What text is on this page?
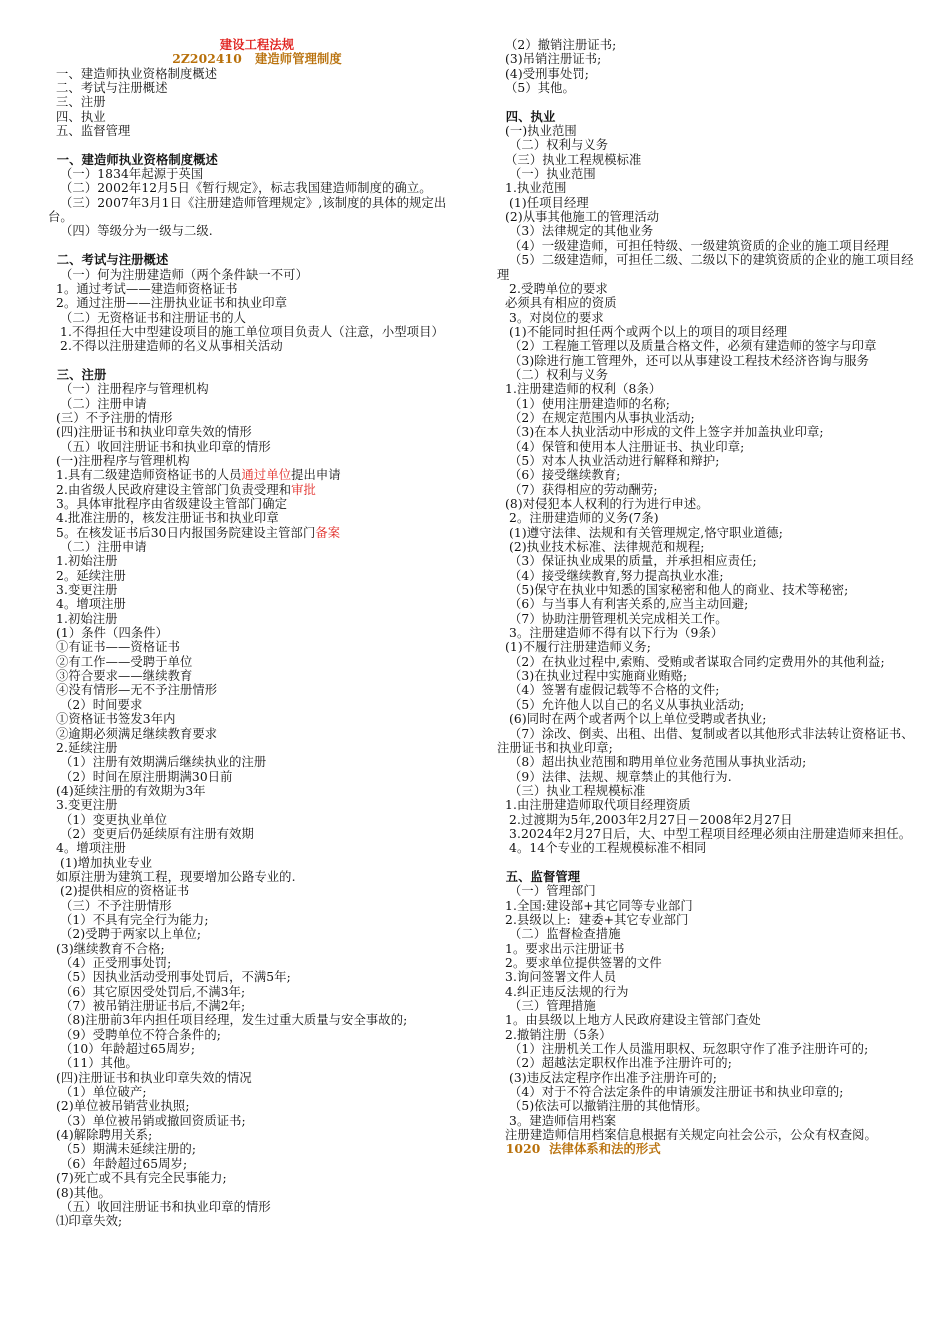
建设工程法规

2Z202410   建造师管理制度

一、建造师执业资格制度概述

二、考试与注册概述

三、注册

四、执业

五、监督管理

一、建造师执业资格制度概述

（一）1834年起源于英国

（二）2002年12月5日《暂行规定》，标志我国建造师制度的确立。

（三）2007年3月1日《注册建造师管理规定》,该制度的具体的规定出台。

（四）等级分为一级与二级.

二、考试与注册概述

（一）何为注册建造师（两个条件缺一不可）

1。通过考试——建造师资格证书

2。通过注册——注册执业证书和执业印章

（二）无资格证书和注册证书的人

1.不得担任大中型建设项目的施工单位项目负责人（注意，小型项目）

2.不得以注册建造师的名义从事相关活动

三、注册

（一）注册程序与管理机构

（二）注册申请

(三）不予注册的情形

(四)注册证书和执业印章失效的情形

（五）收回注册证书和执业印章的情形

(一)注册程序与管理机构

1.具有二级建造师资格证书的人员通过单位提出申请

2.由省级人民政府建设主管部门负责受理和审批

3。具体审批程序由省级建设主管部门确定

4.批准注册的，核发注册证书和执业印章

5。在核发证书后30日内报国务院建设主管部门备案

（二）注册申请

1.初始注册

2。延续注册

3.变更注册

4。增项注册

1.初始注册

(1）条件（四条件）

①有证书——资格证书

②有工作——受聘于单位

③符合要求——继续教育

④没有情形—无不予注册情形

（2）时间要求

①资格证书签发3年内

②逾期必须满足继续教育要求

2.延续注册

（1）注册有效期满后继续执业的注册

（2）时间在原注册期满30日前

(4)延续注册的有效期为3年

3.变更注册

（1）变更执业单位

（2）变更后仍延续原有注册有效期

4。增项注册

(1)增加执业专业

如原注册为建筑工程，现要增加公路专业的.

(2)提供相应的资格证书

（三）不予注册情形

（1）不具有完全行为能力;

（2)受聘于两家以上单位;

(3)继续教育不合格;

（4）正受刑事处罚;

（5）因执业活动受刑事处罚后，不满5年;

（6）其它原因受处罚后,不满3年;

（7）被吊销注册证书后,不满2年;

（8)注册前3年内担任项目经理，发生过重大质量与安全事故的;

（9）受聘单位不符合条件的;

（10）年龄超过65周岁;

（11）其他。

(四)注册证书和执业印章失效的情况

（1）单位破产;

(2)单位被吊销营业执照;

（3）单位被吊销或撤回资质证书;

(4)解除聘用关系;

（5）期满未延续注册的;

（6）年龄超过65周岁;

(7)死亡或不具有完全民事能力;

(8)其他。

（五）收回注册证书和执业印章的情形

⑴印章失效;

（2）撤销注册证书;

(3)吊销注册证书;

(4)受刑事处罚;

（5）其他。

四、执业

(一)执业范围

（二）权利与义务

（三）执业工程规模标准

（一）执业范围

1.执业范围

(1)任项目经理

(2)从事其他施工的管理活动

（3）法律规定的其他业务

（4）一级建造师，可担任特级、一级建筑资质的企业的施工项目经理

（5）二级建造师，可担任二级、二级以下的建筑资质的企业的施工项目经理

2.受聘单位的要求

必须具有相应的资质

3。对岗位的要求

(1)不能同时担任两个或两个以上的项目的项目经理

（2）工程施工管理以及质量合格文件，必须有建造师的签字与印章

（3)除进行施工管理外，还可以从事建设工程技术经济咨询与服务

（二）权利与义务

1.注册建造师的权利（8条）

（1）使用注册建造师的名称;

（2）在规定范围内从事执业活动;

（3)在本人执业活动中形成的文件上签字并加盖执业印章;

（4）保管和使用本人注册证书、执业印章;

（5）对本人执业活动进行解释和辩护;

（6）接受继续教育;

（7）获得相应的劳动酬劳;

(8)对侵犯本人权利的行为进行申述。

2。注册建造师的义务(7条)

(1)遵守法律、法规和有关管理规定,恪守职业道德;

(2)执业技术标准、法律规范和规程;

（3）保证执业成果的质量，并承担相应责任;

（4）接受继续教育,努力提高执业水准;

（5)保守在执业中知悉的国家秘密和他人的商业、技术等秘密;

（6）与当事人有利害关系的,应当主动回避;

（7）协助注册管理机关完成相关工作。

3。注册建造师不得有以下行为（9条）

(1)不履行注册建造师义务;

（2）在执业过程中,索贿、受贿或者谋取合同约定费用外的其他利益;

（3)在执业过程中实施商业贿赂;

（4）签署有虚假记载等不合格的文件;

（5）允许他人以自己的名义从事执业活动;

(6)同时在两个或者两个以上单位受聘或者执业;

（7）涂改、倒卖、出租、出借、复制或者以其他形式非法转让资格证书、注册证书和执业印章;

（8）超出执业范围和聘用单位业务范围从事执业活动;

（9）法律、法规、规章禁止的其他行为.

（三）执业工程规模标准

1.由注册建造师取代项目经理资质

2.过渡期为5年,2003年2月27日－2008年2月27日

3.2024年2月27日后，大、中型工程项目经理必须由注册建造师来担任。

4。14个专业的工程规模标准不相同

五、监督管理

（一）管理部门

1.全国:建设部+其它同等专业部门

2.县级以上:  建委+其它专业部门

（二）监督检查措施

1。要求出示注册证书

2。要求单位提供签署的文件

3.询问签署文件人员

4.纠正违反法规的行为

（三）管理措施

1。由县级以上地方人民政府建设主管部门查处

2.撤销注册（5条）

（1）注册机关工作人员滥用职权、玩忽职守作了准予注册许可的;

（2）超越法定职权作出准予注册许可的;

(3)违反法定程序作出准予注册许可的;

（4）对于不符合法定条件的申请颁发注册证书和执业印章的;

（5)依法可以撤销注册的其他情形。

3。建造师信用档案

注册建造师信用档案信息根据有关规定向社会公示，公众有权查阅。

1020  法律体系和法的形式
